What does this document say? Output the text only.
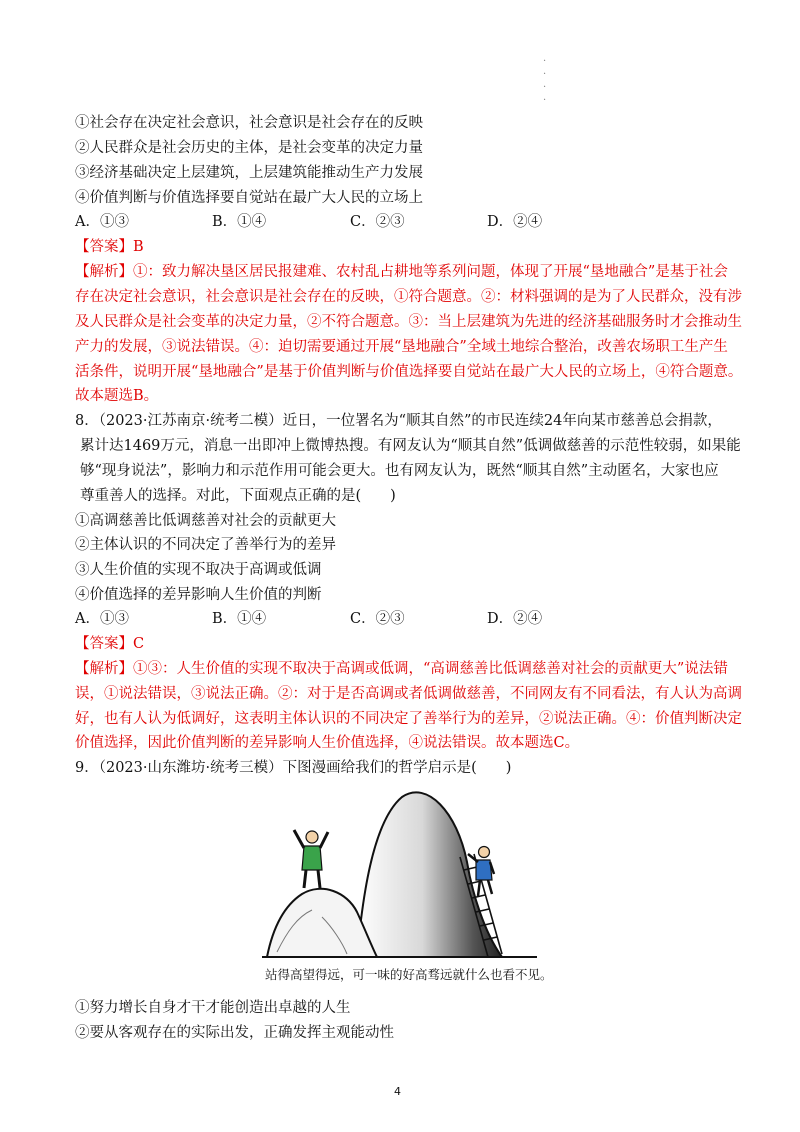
·
·
·
·
①社会存在决定社会意识，社会意识是社会存在的反映
②人民群众是社会历史的主体，是社会变革的决定力量
③经济基础决定上层建筑，上层建筑能推动生产力发展
④价值判断与价值选择要自觉站在最广大人民的立场上
A．①③	B．①④	C．②③	D．②④
【答案】B
【解析】①：致力解决垦区居民报建难、农村乱占耕地等系列问题，体现了开展“垦地融合”是基于社会
存在决定社会意识，社会意识是社会存在的反映，①符合题意。②：材料强调的是为了人民群众，没有涉
及人民群众是社会变革的决定力量，②不符合题意。③：当上层建筑为先进的经济基础服务时才会推动生
产力的发展，③说法错误。④：迫切需要通过开展“垦地融合”全域土地综合整治，改善农场职工生产生
活条件，说明开展“垦地融合”是基于价值判断与价值选择要自觉站在最广大人民的立场上，④符合题意。
故本题选B。
8．（2023·江苏南京·统考二模）近日，一位署名为“顺其自然”的市民连续24年向某市慈善总会捐款，
累计达1469万元，消息一出即冲上微博热搜。有网友认为“顺其自然”低调做慈善的示范性较弱，如果能
够“现身说法”，影响力和示范作用可能会更大。也有网友认为，既然“顺其自然”主动匿名，大家也应
尊重善人的选择。对此，下面观点正确的是(　　)
①高调慈善比低调慈善对社会的贡献更大
②主体认识的不同决定了善举行为的差异
③人生价值的实现不取决于高调或低调
④价值选择的差异影响人生价值的判断
A．①③	B．①④	C．②③	D．②④
【答案】C
【解析】①③：人生价值的实现不取决于高调或低调，“高调慈善比低调慈善对社会的贡献更大”说法错
误，①说法错误，③说法正确。②：对于是否高调或者低调做慈善，不同网友有不同看法，有人认为高调
好，也有人认为低调好，这表明主体认识的不同决定了善举行为的差异，②说法正确。④：价值判断决定
价值选择，因此价值判断的差异影响人生价值选择，④说法错误。故本题选C。
9．（2023·山东潍坊·统考三模）下图漫画给我们的哲学启示是(　　)
站得高望得远，可一味的好高骛远就什么也看不见。
①努力增长自身才干才能创造出卓越的人生
②要从客观存在的实际出发，正确发挥主观能动性
4
